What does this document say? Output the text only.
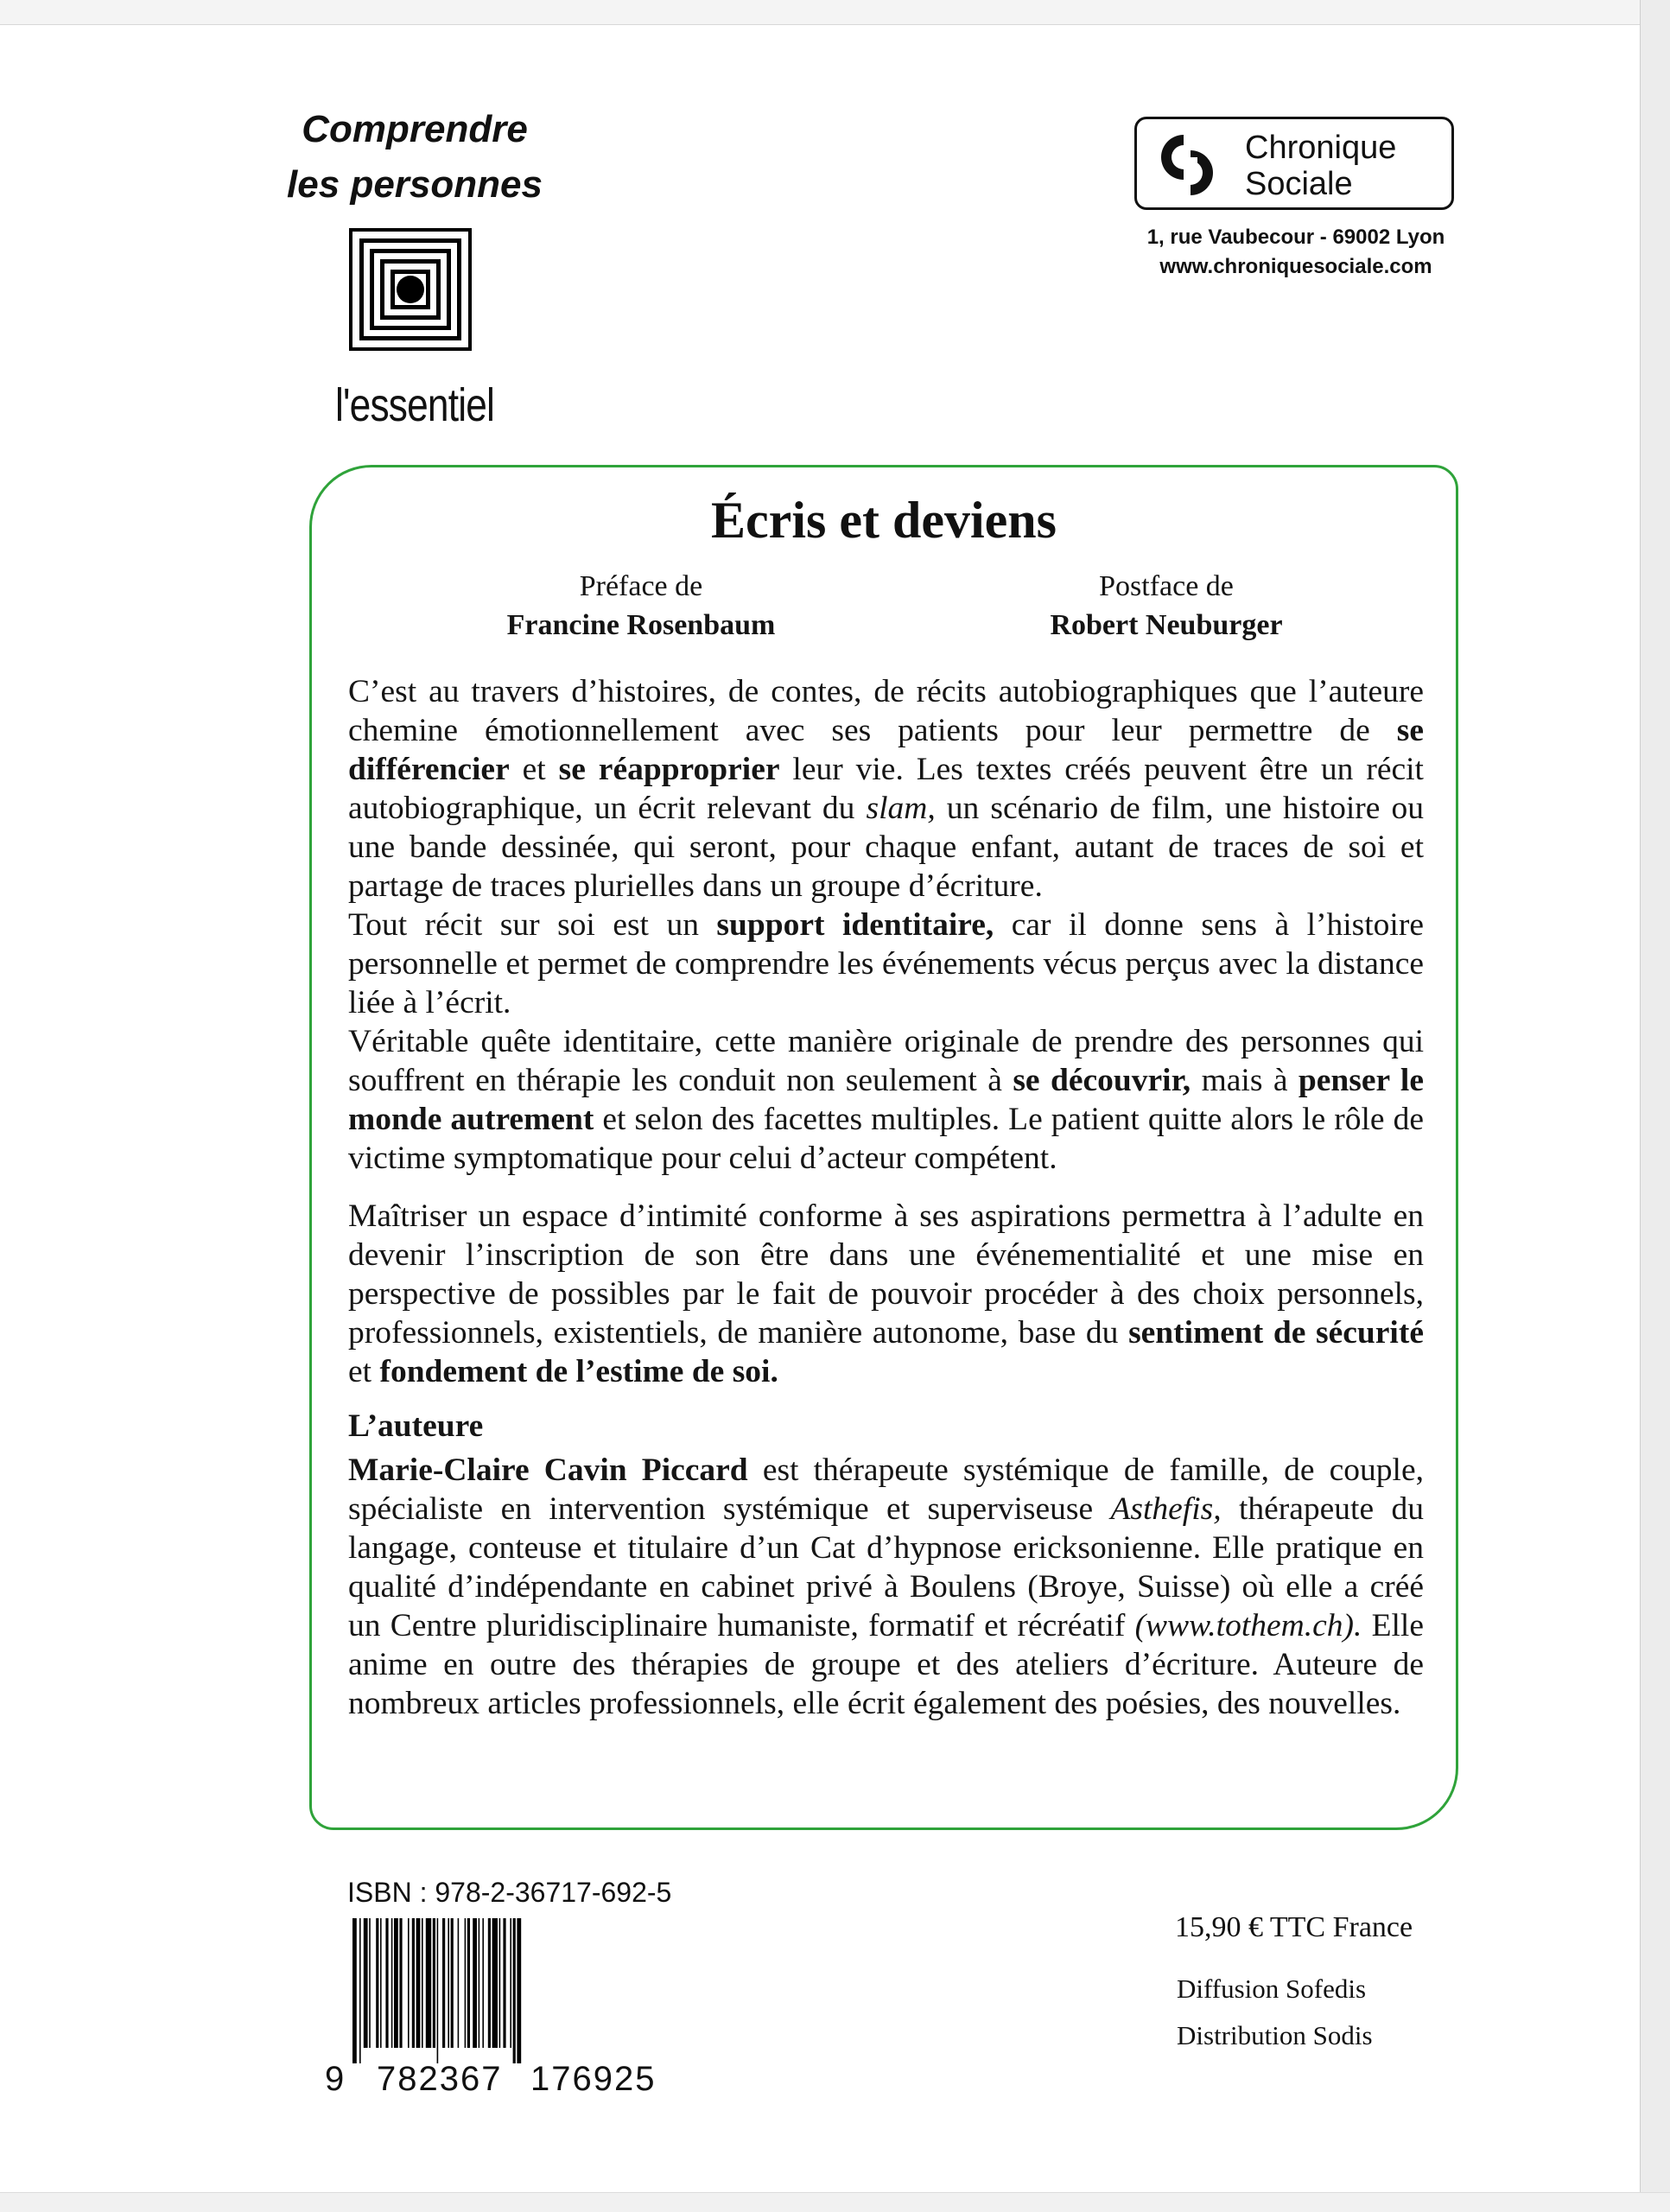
Comprendre
les personnes
l'essentiel
Chronique
Sociale
1, rue Vaubecour - 69002 Lyon
www.chroniquesociale.com
Écris et deviens
Préface de
Francine Rosenbaum
Postface de
Robert Neuburger

C’est au travers d’histoires, de contes, de récits autobiographiques que l’auteure chemine émotionnellement avec ses patients pour leur permettre de se différencier et se réapproprier leur vie. Les textes créés peuvent être un récit autobiographique, un écrit relevant du slam, un scénario de film, une histoire ou une bande dessinée, qui seront, pour chaque enfant, autant de traces de soi et partage de traces plurielles dans un groupe d’écriture.

Tout récit sur soi est un support identitaire, car il donne sens à l’histoire personnelle et permet de comprendre les événements vécus perçus avec la distance liée à l’écrit.

Véritable quête identitaire, cette manière originale de prendre des personnes qui souffrent en thérapie les conduit non seulement à se découvrir, mais à penser le monde autrement et selon des facettes multiples. Le patient quitte alors le rôle de victime symptomatique pour celui d’acteur compétent.

Maîtriser un espace d’intimité conforme à ses aspirations permettra à l’adulte en devenir l’inscription de son être dans une événementialité et une mise en perspective de possibles par le fait de pouvoir procéder à des choix personnels, professionnels, existentiels, de manière autonome, base du sentiment de sécurité et fondement de l’estime de soi.

L’auteure

Marie-Claire Cavin Piccard est thérapeute systémique de famille, de couple, spécialiste en intervention systémique et superviseuse Asthefis, thérapeute du langage, conteuse et titulaire d’un Cat d’hypnose ericksonienne. Elle pratique en qualité d’indépendante en cabinet privé à Boulens (Broye, Suisse) où elle a créé un Centre pluridisciplinaire humaniste, formatif et récréatif (www.tothem.ch). Elle anime en outre des thérapies de groupe et des ateliers d’écriture. Auteure de nombreux articles professionnels, elle écrit également des poésies, des nouvelles.

ISBN : 978-2-36717-692-5
9 782367 176925
15,90 € TTC France
Diffusion Sofedis
Distribution Sodis
